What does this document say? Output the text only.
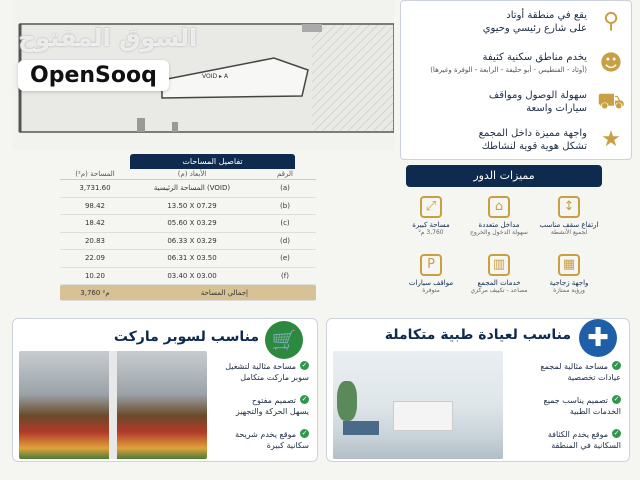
VOID ▸ A
السوق المفتوح
OpenSooq
تفاصيل المساحات
المساحة (م²)	الأبعاد (م)	الرقم
3,731.60	المساحة الرئيسية (VOID)	(a)
98.42	13.50 X 07.29	(b)
18.42	05.60 X 03.29	(c)
20.83	06.33 X 03.29	(d)
22.09	06.31 X 03.50	(e)
10.20	03.40 X 03.00	(f)
3,760 م²	إجمالي المساحة
يقع في منطقة أوتاد
على شارع رئيسي وحيوي ⚲
يخدم مناطق سكنية كثيفة
(أوتاد - الفنطيس - أبو حليفة - الرابعة - الوفرة وغيرها) ☻
سهولة الوصول ومواقف
سيارات واسعة ⛟
واجهة مميزة داخل المجمع
تشكل هوية قوية لنشاطك ★
مميزات الدور
↕
ارتفاع سقف مناسب
لجميع الأنشطة
⌂
مداخل متعددة
سهولة الدخول والخروج
⤢
مساحة كبيرة
3,760 م²
▦
واجهة زجاجية
ورؤية ممتازة
▥
خدمات المجمع
مصاعد - تكييف مركزي
P
مواقف سيارات
متوفرة
مناسب لسوبر ماركت 🛒
✓مساحة مثالية لتشغيل
سوبر ماركت متكامل
✓تصميم مفتوح
يسهل الحركة والتجهيز
✓موقع يخدم شريحة
سكانية كبيرة
مناسب لعيادة طبية متكاملة ✚
✓مساحة مثالية لمجمع
عيادات تخصصية
✓تصميم يناسب جميع
الخدمات الطبية
✓موقع يخدم الكثافة
السكانية في المنطقة
